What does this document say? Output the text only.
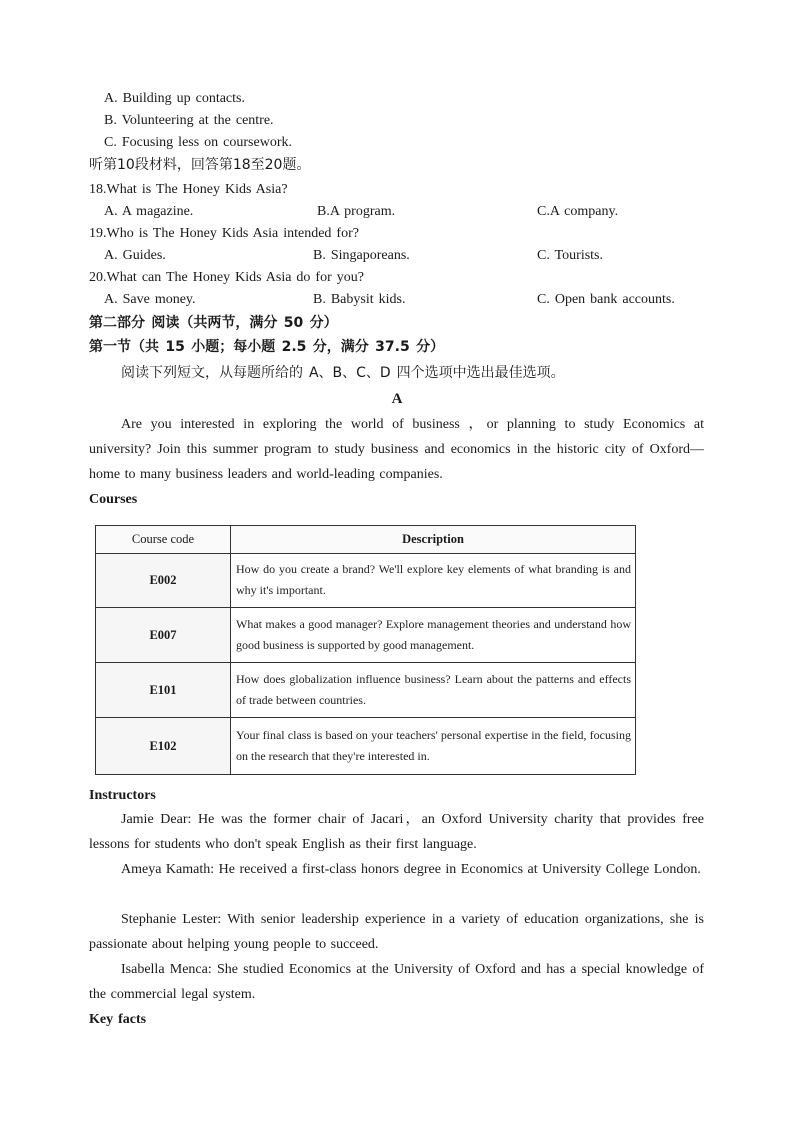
A. Building up contacts.
B. Volunteering at the centre.
C. Focusing less on coursework.
听第10段材料，回答第18至20题。
18.What is The Honey Kids Asia?
A. A magazine.	B.A program.	C.A company.
19.Who is The Honey Kids Asia intended for?
A. Guides.	B. Singaporeans.	C. Tourists.
20.What can The Honey Kids Asia do for you?
A. Save money.	B. Babysit kids.	C. Open bank accounts.
第二部分 阅读（共两节，满分 50 分）
第一节（共 15 小题；每小题 2.5 分，满分 37.5 分）
阅读下列短文，从每题所给的 A、B、C、D 四个选项中选出最佳选项。
A
Are you interested in exploring the world of business ，or planning to study Economics at university? Join this summer program to study business and economics in the historic city of Oxford—home to many business leaders and world-leading companies.
Courses
Course code	Description
E002	How do you create a brand? We'll explore key elements of what branding is and why it's important.
E007	What makes a good manager? Explore management theories and understand how good business is supported by good management.
E101	How does globalization influence business? Learn about the patterns and effects of trade between countries.
E102	Your final class is based on your teachers' personal expertise in the field, focusing on the research that they're interested in.
Instructors
Jamie Dear: He was the former chair of Jacari，an Oxford University charity that provides free lessons for students who don't speak English as their first language.
Ameya Kamath: He received a first-class honors degree in Economics at University College London.
Stephanie Lester: With senior leadership experience in a variety of education organizations, she is passionate about helping young people to succeed.
Isabella Menca: She studied Economics at the University of Oxford and has a special knowledge of the commercial legal system.
Key facts
